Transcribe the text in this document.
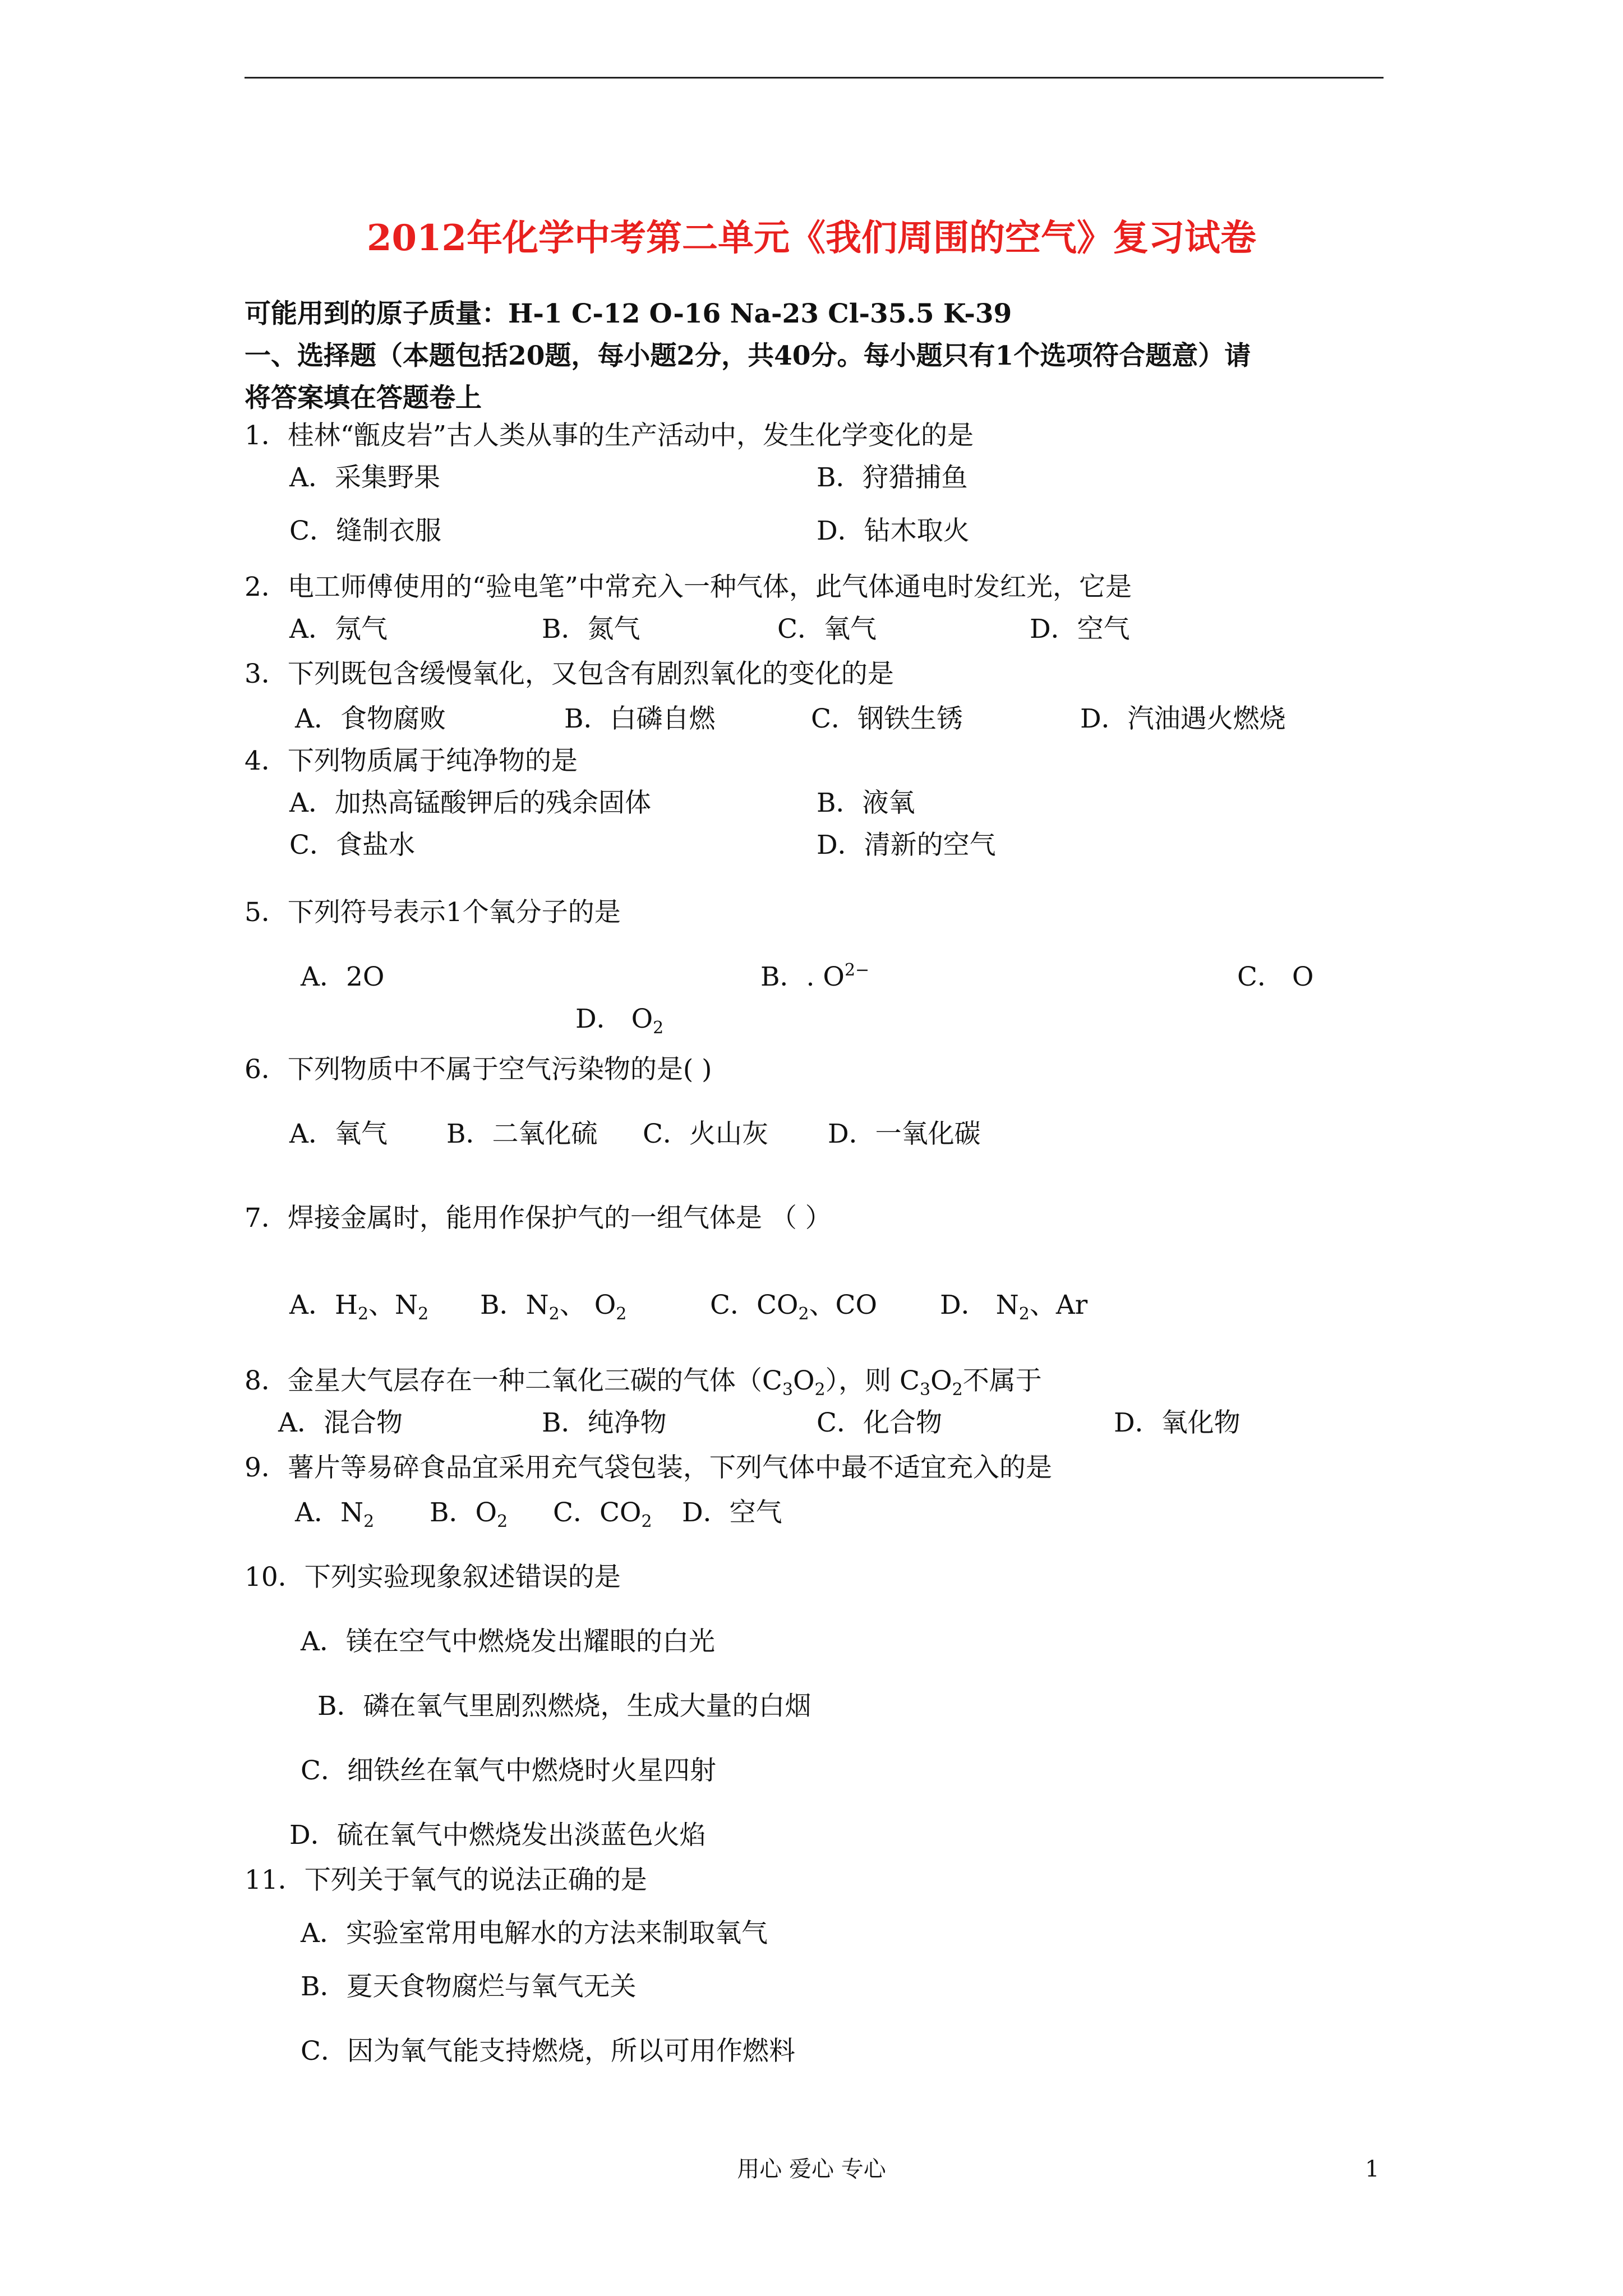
2012年化学中考第二单元《我们周围的空气》复习试卷
可能用到的原子质量：H-1 C-12 O-16 Na-23 Cl-35.5 K-39
一、选择题（本题包括20题，每小题2分，共40分。每小题只有1个选项符合题意）请
将答案填在答题卷上
1．桂林“甑皮岩”古人类从事的生产活动中，发生化学变化的是
A．采集野果	B．狩猎捕鱼
C．缝制衣服	D．钻木取火
2．电工师傅使用的“验电笔”中常充入一种气体，此气体通电时发红光，它是
A．氖气	B．氮气	C．氧气	D．空气
3．下列既包含缓慢氧化，又包含有剧烈氧化的变化的是
A．食物腐败	B．白磷自燃	C．钢铁生锈	D．汽油遇火燃烧
4．下列物质属于纯净物的是
A．加热高锰酸钾后的残余固体	B．液氧
C．食盐水	D．清新的空气
5．下列符号表示1个氧分子的是
A．2O	B．. $O^{2-}$	C． O
D． $O_2$
6．下列物质中不属于空气污染物的是( )
A．氧气 B．二氧化硫 C．火山灰 D．一氧化碳
7．焊接金属时，能用作保护气的一组气体是 （ ）
A．$H_2$、$N_2$ B．$N_2$、 $O_2$	C．$CO_2$、CO D． $N_2$、Ar
8．金星大气层存在一种二氧化三碳的气体$(C_3O_2)$，则 $C_3O_2$不属于
A．混合物	B．纯净物	C．化合物	D．氧化物
9．薯片等易碎食品宜采用充气袋包装，下列气体中最不适宜充入的是
A．$N_2$ B．$O_2$ C．$CO_2$ D．空气
10．下列实验现象叙述错误的是
A．镁在空气中燃烧发出耀眼的白光
B．磷在氧气里剧烈燃烧，生成大量的白烟
C．细铁丝在氧气中燃烧时火星四射
D．硫在氧气中燃烧发出淡蓝色火焰
11．下列关于氧气的说法正确的是
A．实验室常用电解水的方法来制取氧气
B．夏天食物腐烂与氧气无关
C．因为氧气能支持燃烧，所以可用作燃料
用心 爱心 专心	1
